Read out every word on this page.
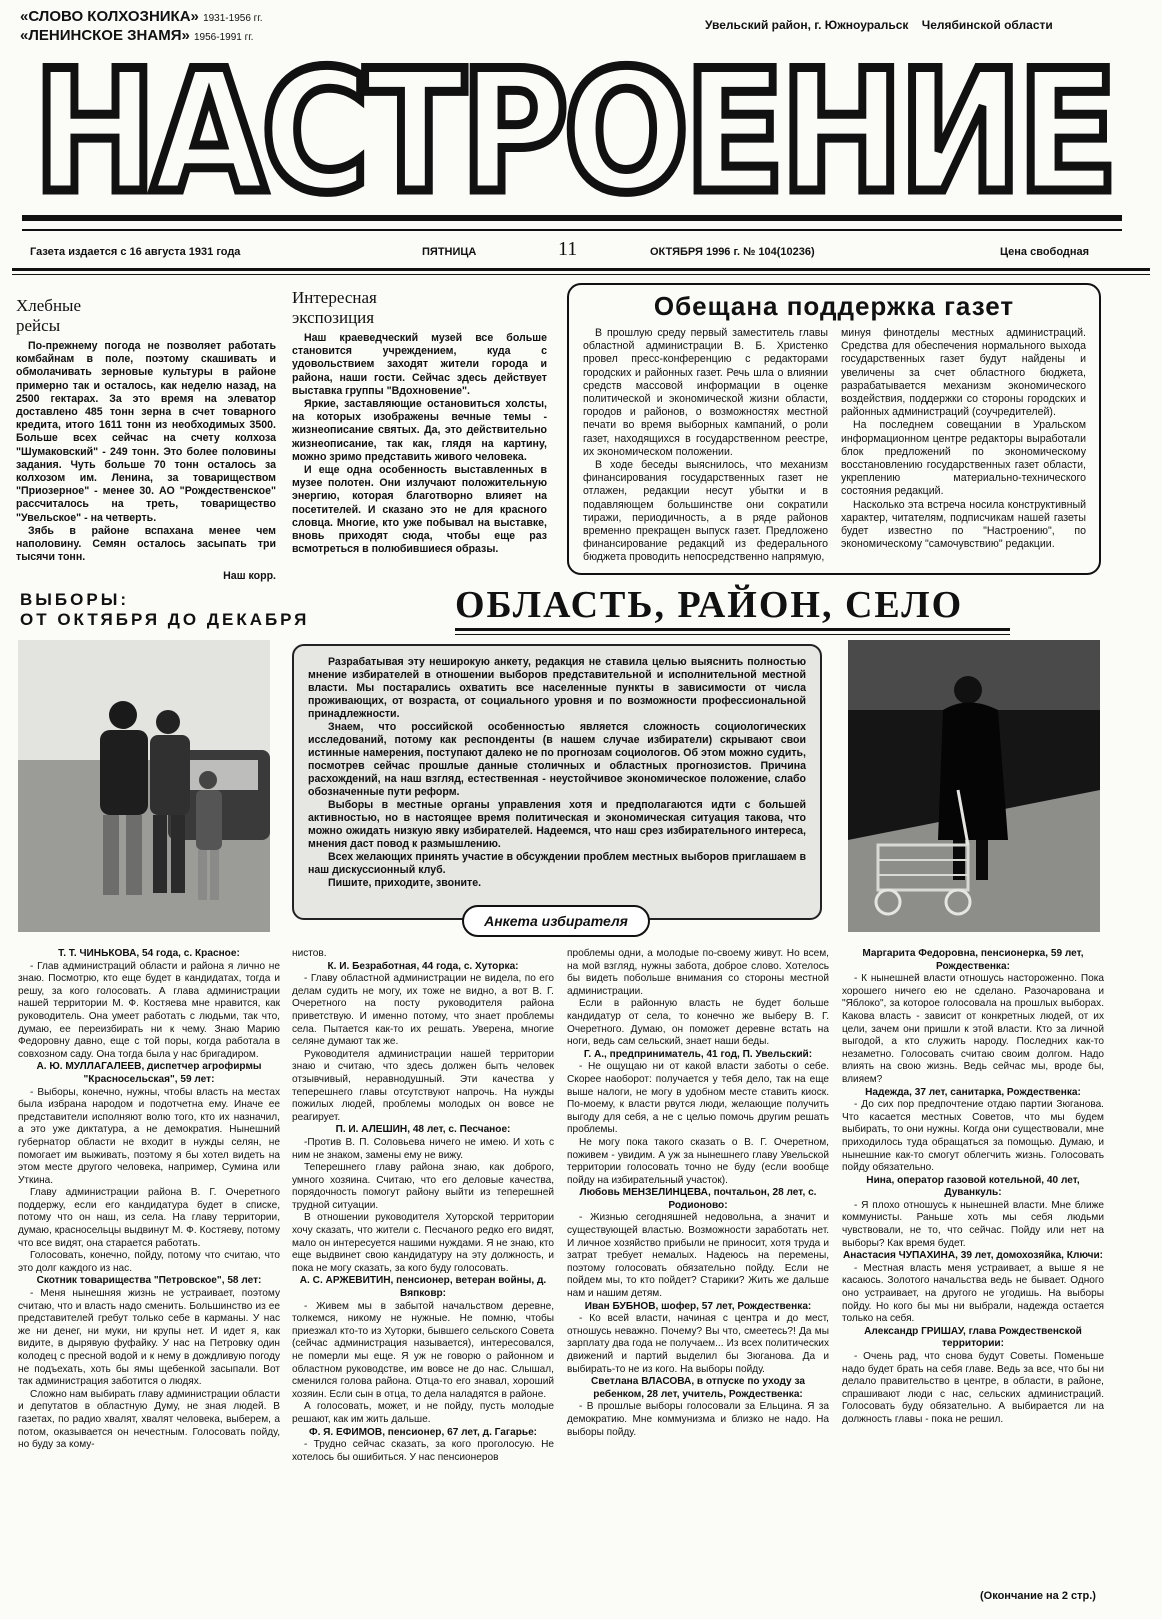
«СЛОВО КОЛХОЗНИКА» 1931-1956 гг.
«ЛЕНИНСКОЕ ЗНАМЯ» 1956-1991 гг.
Увельский район, г. Южноуральск Челябинской области
НАСТРОЕНИЕ
Газета издается с 16 августа 1931 года	ПЯТНИЦА	11	ОКТЯБРЯ 1996 г. № 104(10236)	Цена свободная
Хлебные
рейсы

По-прежнему погода не позволяет работать комбайнам в поле, поэтому скашивать и обмолачивать зерновые культуры в районе примерно так и осталось, как неделю назад, на 2500 гектарах. За это время на элеватор доставлено 485 тонн зерна в счет товарного кредита, итого 1611 тонн из необходимых 3500. Больше всех сейчас на счету колхоза "Шумаковский" - 249 тонн. Это более половины задания. Чуть больше 70 тонн осталось за колхозом им. Ленина, за товариществом "Приозерное" - менее 30. АО "Рождественское" рассчиталось на треть, товарищество "Увельское" - на четверть.

Зябь в районе вспахана менее чем наполовину. Семян осталось засыпать три тысячи тонн.

Наш корр.
Интересная
экспозиция

Наш краеведческий музей все больше становится учреждением, куда с удовольствием заходят жители города и района, наши гости. Сейчас здесь действует выставка группы "Вдохновение".

Яркие, заставляющие остановиться холсты, на которых изображены вечные темы - жизнеописание святых. Да, это действительно жизнеописание, так как, глядя на картину, можно зримо представить живого человека.

И еще одна особенность выставленных в музее полотен. Они излучают положительную энергию, которая благотворно влияет на посетителей. И сказано это не для красного словца. Многие, кто уже побывал на выставке, вновь приходят сюда, чтобы еще раз всмотреться в полюбившиеся образы.

Обещана поддержка газет

В прошлую среду первый заместитель главы областной администрации В. Б. Христенко провел пресс-конференцию с редакторами городских и районных газет. Речь шла о влиянии средств массовой информации в оценке политической и экономической жизни области, городов и районов, о возможностях местной печати во время выборных кампаний, о роли газет, находящихся в государственном реестре, их экономическом положении.

В ходе беседы выяснилось, что механизм финансирования государственных газет не отлажен, редакции несут убытки и в подавляющем большинстве они сократили тиражи, периодичность, а в ряде районов временно прекращен выпуск газет. Предложено финансирование редакций из федерального бюджета проводить непосредственно напрямую,

минуя финотделы местных администраций. Средства для обеспечения нормального выхода государственных газет будут найдены и увеличены за счет областного бюджета, разрабатывается механизм экономического воздействия, поддержки со стороны городских и районных администраций (соучредителей).

На последнем совещании в Уральском информационном центре редакторы выработали блок предложений по экономическому восстановлению государственных газет области, укреплению материально-технического состояния редакций.

Насколько эта встреча носила конструктивный характер, читателям, подписчикам нашей газеты будет известно по "Настроению", по экономическому "самочувствию" редакции.

ВЫБОРЫ:
ОТ ОКТЯБРЯ ДО ДЕКАБРЯ	ОБЛАСТЬ, РАЙОН, СЕЛО

Разрабатывая эту неширокую анкету, редакция не ставила целью выяснить полностью мнение избирателей в отношении выборов представительной и исполнительной местной власти. Мы постарались охватить все населенные пункты в зависимости от числа проживающих, от возраста, от социального уровня и по возможности профессиональной принадлежности.

Знаем, что российской особенностью является сложность социологических исследований, потому как респонденты (в нашем случае избиратели) скрывают свои истинные намерения, поступают далеко не по прогнозам социологов. Об этом можно судить, посмотрев сейчас прошлые данные столичных и областных прогнозистов. Причина расхождений, на наш взгляд, естественная - неустойчивое экономическое положение, слабо обозначенные пути реформ.

Выборы в местные органы управления хотя и предполагаются идти с большей активностью, но в настоящее время политическая и экономическая ситуация такова, что можно ожидать низкую явку избирателей. Надеемся, что наш срез избирательного интереса, мнения даст повод к размышлению.

Всех желающих принять участие в обсуждении проблем местных выборов приглашаем в наш дискуссионный клуб.

Пишите, приходите, звоните.

Анкета избирателя

Т. Т. ЧИНЬКОВА, 54 года, с. Красное:

- Глав администраций области и района я лично не знаю. Посмотрю, кто еще будет в кандидатах, тогда и решу, за кого голосовать. А глава администрации нашей территории М. Ф. Костяева мне нравится, как руководитель. Она умеет работать с людьми, так что, думаю, ее переизбирать ни к чему. Знаю Марию Федоровну давно, еще с той поры, когда работала в совхозном саду. Она тогда была у нас бригадиром.

А. Ю. МУЛЛАГАЛЕЕВ, диспетчер агрофирмы "Красносельская", 59 лет:

- Выборы, конечно, нужны, чтобы власть на местах была избрана народом и подотчетна ему. Иначе ее представители исполняют волю того, кто их назначил, а это уже диктатура, а не демократия. Нынешний губернатор области не входит в нужды селян, не помогает им выживать, поэтому я бы хотел видеть на этом месте другого человека, например, Сумина или Уткина.

Главу администрации района В. Г. Очеретного поддержу, если его кандидатура будет в списке, потому что он наш, из села. На главу территории, думаю, красносельцы выдвинут М. Ф. Костяеву, потому что все видят, она старается работать.

Голосовать, конечно, пойду, потому что считаю, что это долг каждого из нас.

Скотник товарищества "Петровское", 58 лет:

- Меня нынешняя жизнь не устраивает, поэтому считаю, что и власть надо сменить. Большинство из ее представителей гребут только себе в карманы. У нас же ни денег, ни муки, ни крупы нет. И идет я, как видите, в дырявую фуфайку. У нас на Петровку один колодец с пресной водой и к нему в дождливую погоду не подъехать, хоть бы ямы щебенкой засыпали. Вот так администрация заботится о людях.

Сложно нам выбирать главу администрации области и депутатов в областную Думу, не зная людей. В газетах, по радио хвалят, хвалят человека, выберем, а потом, оказывается он нечестным. Голосовать пойду, но буду за кому-

нистов.

К. И. Безработная, 44 года, с. Хуторка:

- Главу областной администрации не видела, по его делам судить не могу, их тоже не видно, а вот В. Г. Очеретного на посту руководителя района приветствую. И именно потому, что знает проблемы села. Пытается как-то их решать. Уверена, многие селяне думают так же.

Руководителя администрации нашей территории знаю и считаю, что здесь должен быть человек отзывчивый, неравнодушный. Эти качества у теперешнего главы отсутствуют напрочь. На нужды пожилых людей, проблемы молодых он вовсе не реагирует.

П. И. АЛЕШИН, 48 лет, с. Песчаное:

-Против В. П. Соловьева ничего не имею. И хоть с ним не знаком, замены ему не вижу.

Теперешнего главу района знаю, как доброго, умного хозяина. Считаю, что его деловые качества, порядочность помогут району выйти из теперешней трудной ситуации.

В отношении руководителя Хуторской территории хочу сказать, что жители с. Песчаного редко его видят, мало он интересуется нашими нуждами. Я не знаю, кто еще выдвинет свою кандидатуру на эту должность, и пока не могу сказать, за кого буду голосовать.

А. С. АРЖЕВИТИН, пенсионер, ветеран войны, д. Вяпковр:

- Живем мы в забытой начальством деревне, толкемся, никому не нужные. Не помню, чтобы приезжал кто-то из Хуторки, бывшего сельского Совета (сейчас администрация называется), интересовался, не померли мы еще. Я уж не говорю о районном и областном руководстве, им вовсе не до нас. Слышал, сменился голова района. Отца-то его знавал, хороший хозяин. Если сын в отца, то дела наладятся в районе.

А голосовать, может, и не пойду, пусть молодые решают, как им жить дальше.

Ф. Я. ЕФИМОВ, пенсионер, 67 лет, д. Гагарье:

- Трудно сейчас сказать, за кого проголосую. Не хотелось бы ошибиться. У нас пенсионеров

проблемы одни, а молодые по-своему живут. Но всем, на мой взгляд, нужны забота, доброе слово. Хотелось бы видеть побольше внимания со стороны местной администрации.

Если в районную власть не будет больше кандидатур от села, то конечно же выберу В. Г. Очеретного. Думаю, он поможет деревне встать на ноги, ведь сам сельский, знает наши беды.

Г. А., предприниматель, 41 год, П. Увельский:

- Не ощущаю ни от какой власти заботы о себе. Скорее наоборот: получается у тебя дело, так на еще выше налоги, не могу в удобном месте ставить киоск. По-моему, к власти рвутся люди, желающие получить выгоду для себя, а не с целью помочь другим решать проблемы.

Не могу пока такого сказать о В. Г. Очеретном, поживем - увидим. А уж за нынешнего главу Увельской территории голосовать точно не буду (если вообще пойду на избирательный участок).

Любовь МЕНЗЕЛИНЦЕВА, почтальон, 28 лет, с. Родионово:

- Жизнью сегодняшней недовольна, а значит и существующей властью. Возможности заработать нет. И личное хозяйство прибыли не приносит, хотя труда и затрат требует немалых. Надеюсь на перемены, поэтому голосовать обязательно пойду. Если не пойдем мы, то кто пойдет? Старики? Жить же дальше нам и нашим детям.

Иван БУБНОВ, шофер, 57 лет, Рождественка:

- Ко всей власти, начиная с центра и до мест, отношусь неважно. Почему? Вы что, смеетесь?! Да мы зарплату два года не получаем... Из всех политических движений и партий выделил бы Зюганова. Да и выбирать-то не из кого. На выборы пойду.

Светлана ВЛАСОВА, в отпуске по уходу за ребенком, 28 лет, учитель, Рождественка:

- В прошлые выборы голосовали за Ельцина. Я за демократию. Мне коммунизма и близко не надо. На выборы пойду.

Маргарита Федоровна, пенсионерка, 59 лет, Рождественка:

- К нынешней власти отношусь настороженно. Пока хорошего ничего ею не сделано. Разочарована и "Яблоко", за которое голосовала на прошлых выборах. Какова власть - зависит от конкретных людей, от их цели, зачем они пришли к этой власти. Кто за личной выгодой, а кто служить народу. Последних как-то незаметно. Голосовать считаю своим долгом. Надо влиять на свою жизнь. Ведь сейчас мы, вроде бы, влияем?

Надежда, 37 лет, санитарка, Рождественка:

- До сих пор предпочтение отдаю партии Зюганова. Что касается местных Советов, что мы будем выбирать, то они нужны. Когда они существовали, мне приходилось туда обращаться за помощью. Думаю, и нынешние как-то смогут облегчить жизнь. Голосовать пойду обязательно.

Нина, оператор газовой котельной, 40 лет, Дуванкуль:

- Я плохо отношусь к нынешней власти. Мне ближе коммунисты. Раньше хоть мы себя людьми чувствовали, не то, что сейчас. Пойду или нет на выборы? Как время будет.

Анастасия ЧУПАХИНА, 39 лет, домохозяйка, Ключи:

- Местная власть меня устраивает, а выше я не касаюсь. Золотого начальства ведь не бывает. Одного оно устраивает, на другого не угодишь. На выборы пойду. Но кого бы мы ни выбрали, надежда остается только на себя.

Александр ГРИШАУ, глава Рождественской территории:

- Очень рад, что снова будут Советы. Поменьше надо будет брать на себя главе. Ведь за все, что бы ни делало правительство в центре, в области, в районе, спрашивают люди с нас, сельских администраций. Голосовать буду обязательно. А выбирается ли на должность главы - пока не решил.

(Окончание на 2 стр.)
